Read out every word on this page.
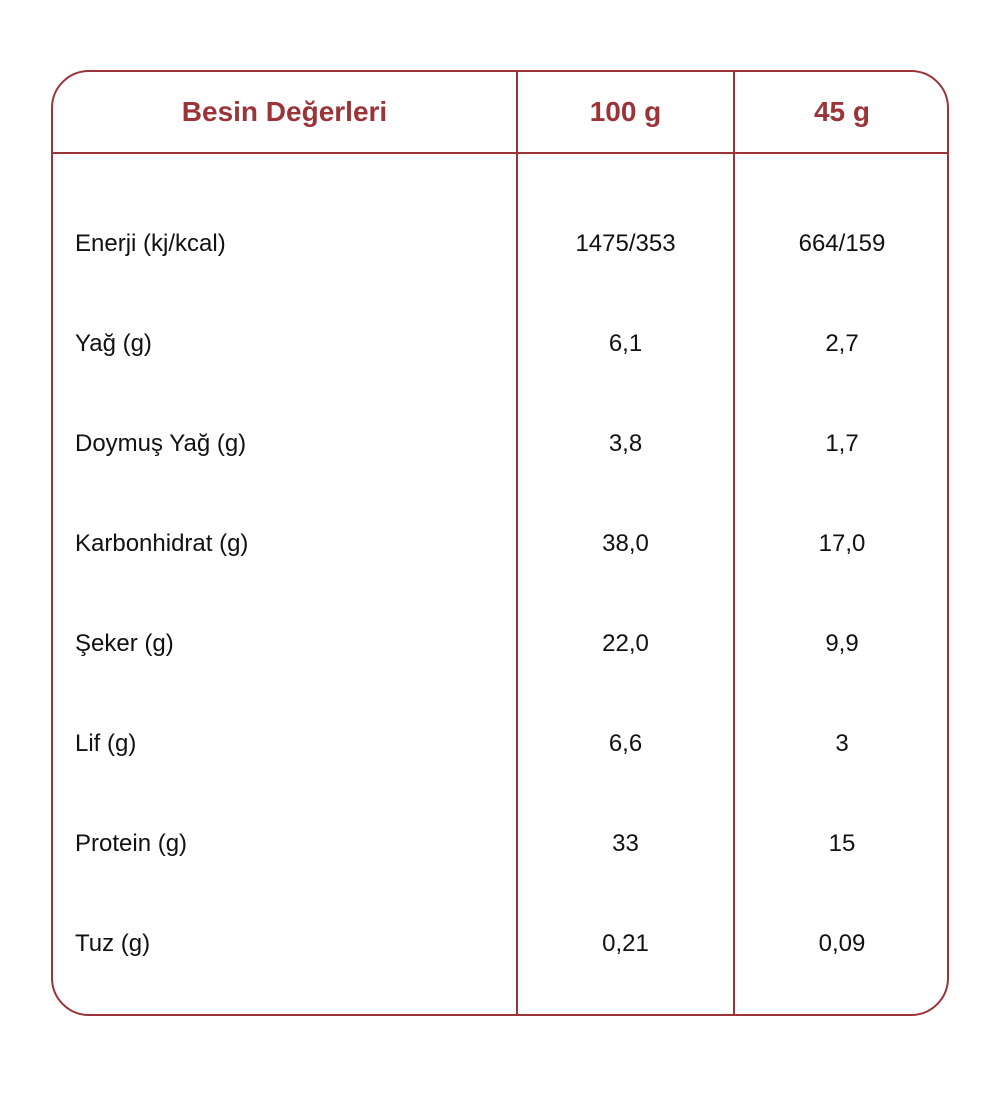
Besin Değerleri	100 g	45 g
Enerji (kj/kcal)	1475/353	664/159
Yağ (g)	6,1	2,7
Doymuş Yağ (g)	3,8	1,7
Karbonhidrat (g)	38,0	17,0
Şeker (g)	22,0	9,9
Lif (g)	6,6	3
Protein (g)	33	15
Tuz (g)	0,21	0,09
